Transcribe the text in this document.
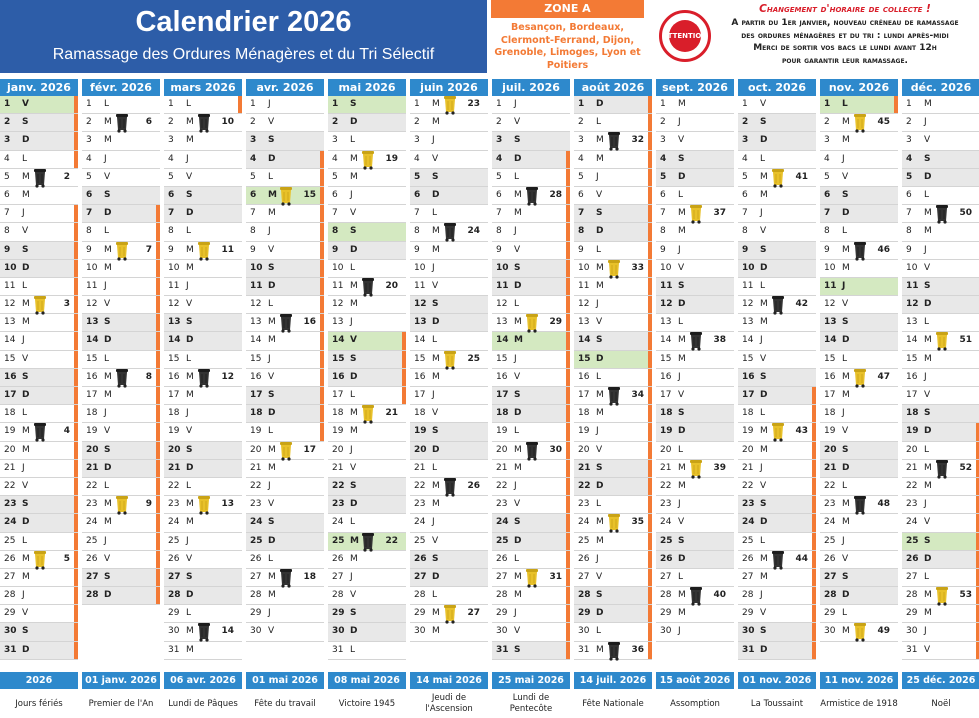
Calendrier 2026
Ramassage des Ordures Ménagères et du Tri Sélectif
ZONE A
Besançon, Bordeaux, Clermont-Ferrand, Dijon, Grenoble, Limoges, Lyon et Poitiers
ATTENTION
Changement d'horaire de collecte !
A partir du 1er janvier, nouveau créneau de ramassage
des ordures ménagères et du tri : lundi après-midi
Merci de sortir vos bacs le lundi avant 12h
pour garantir leur ramassage.
janv. 2026
1 V
2 S
3 D
4 L
5 M	2
6 M
7 J
8 V
9 S
10 D
11 L
12 M	3
13 M
14 J
15 V
16 S
17 D
18 L
19 M	4
20 M
21 J
22 V
23 S
24 D
25 L
26 M	5
27 M
28 J
29 V
30 S
31 D
févr. 2026
1 L
2 M	6
3 M
4 J
5 V
6 S
7 D
8 L
9 M	7
10 M
11 J
12 V
13 S
14 D
15 L
16 M	8
17 M
18 J
19 V
20 S
21 D
22 L
23 M	9
24 M
25 J
26 V
27 S
28 D
mars 2026
1 L
2 M	10
3 M
4 J
5 V
6 S
7 D
8 L
9 M	11
10 M
11 J
12 V
13 S
14 D
15 L
16 M	12
17 M
18 J
19 V
20 S
21 D
22 L
23 M	13
24 M
25 J
26 V
27 S
28 D
29 L
30 M	14
31 M
avr. 2026
1 J
2 V
3 S
4 D
5 L
6 M	15
7 M
8 J
9 V
10 S
11 D
12 L
13 M	16
14 M
15 J
16 V
17 S
18 D
19 L
20 M	17
21 M
22 J
23 V
24 S
25 D
26 L
27 M	18
28 M
29 J
30 V
mai 2026
1 S
2 D
3 L
4 M	19
5 M
6 J
7 V
8 S
9 D
10 L
11 M	20
12 M
13 J
14 V
15 S
16 D
17 L
18 M	21
19 M
20 J
21 V
22 S
23 D
24 L
25 M	22
26 M
27 J
28 V
29 S
30 D
31 L
juin 2026
1 M	23
2 M
3 J
4 V
5 S
6 D
7 L
8 M	24
9 M
10 J
11 V
12 S
13 D
14 L
15 M	25
16 M
17 J
18 V
19 S
20 D
21 L
22 M	26
23 M
24 J
25 V
26 S
27 D
28 L
29 M	27
30 M
juil. 2026
1 J
2 V
3 S
4 D
5 L
6 M	28
7 M
8 J
9 V
10 S
11 D
12 L
13 M	29
14 M
15 J
16 V
17 S
18 D
19 L
20 M	30
21 M
22 J
23 V
24 S
25 D
26 L
27 M	31
28 M
29 J
30 V
31 S
août 2026
1 D
2 L
3 M	32
4 M
5 J
6 V
7 S
8 D
9 L
10 M	33
11 M
12 J
13 V
14 S
15 D
16 L
17 M	34
18 M
19 J
20 V
21 S
22 D
23 L
24 M	35
25 M
26 J
27 V
28 S
29 D
30 L
31 M	36
sept. 2026
1 M
2 J
3 V
4 S
5 D
6 L
7 M	37
8 M
9 J
10 V
11 S
12 D
13 L
14 M	38
15 M
16 J
17 V
18 S
19 D
20 L
21 M	39
22 M
23 J
24 V
25 S
26 D
27 L
28 M	40
29 M
30 J
oct. 2026
1 V
2 S
3 D
4 L
5 M	41
6 M
7 J
8 V
9 S
10 D
11 L
12 M	42
13 M
14 J
15 V
16 S
17 D
18 L
19 M	43
20 M
21 J
22 V
23 S
24 D
25 L
26 M	44
27 M
28 J
29 V
30 S
31 D
nov. 2026
1 L
2 M	45
3 M
4 J
5 V
6 S
7 D
8 L
9 M	46
10 M
11 J
12 V
13 S
14 D
15 L
16 M	47
17 M
18 J
19 V
20 S
21 D
22 L
23 M	48
24 M
25 J
26 V
27 S
28 D
29 L
30 M	49
déc. 2026
1 M
2 J
3 V
4 S
5 D
6 L
7 M	50
8 M
9 J
10 V
11 S
12 D
13 L
14 M	51
15 M
16 J
17 V
18 S
19 D
20 L
21 M	52
22 M
23 J
24 V
25 S
26 D
27 L
28 M	53
29 M
30 J
31 V
2026
Jours fériés
01 janv. 2026
Premier de l'An
06 avr. 2026
Lundi de Pâques
01 mai 2026
Fête du travail
08 mai 2026
Victoire 1945
14 mai 2026
Jeudi de l'Ascension
25 mai 2026
Lundi de Pentecôte
14 juil. 2026
Fête Nationale
15 août 2026
Assomption
01 nov. 2026
La Toussaint
11 nov. 2026
Armistice de 1918
25 déc. 2026
Noël
